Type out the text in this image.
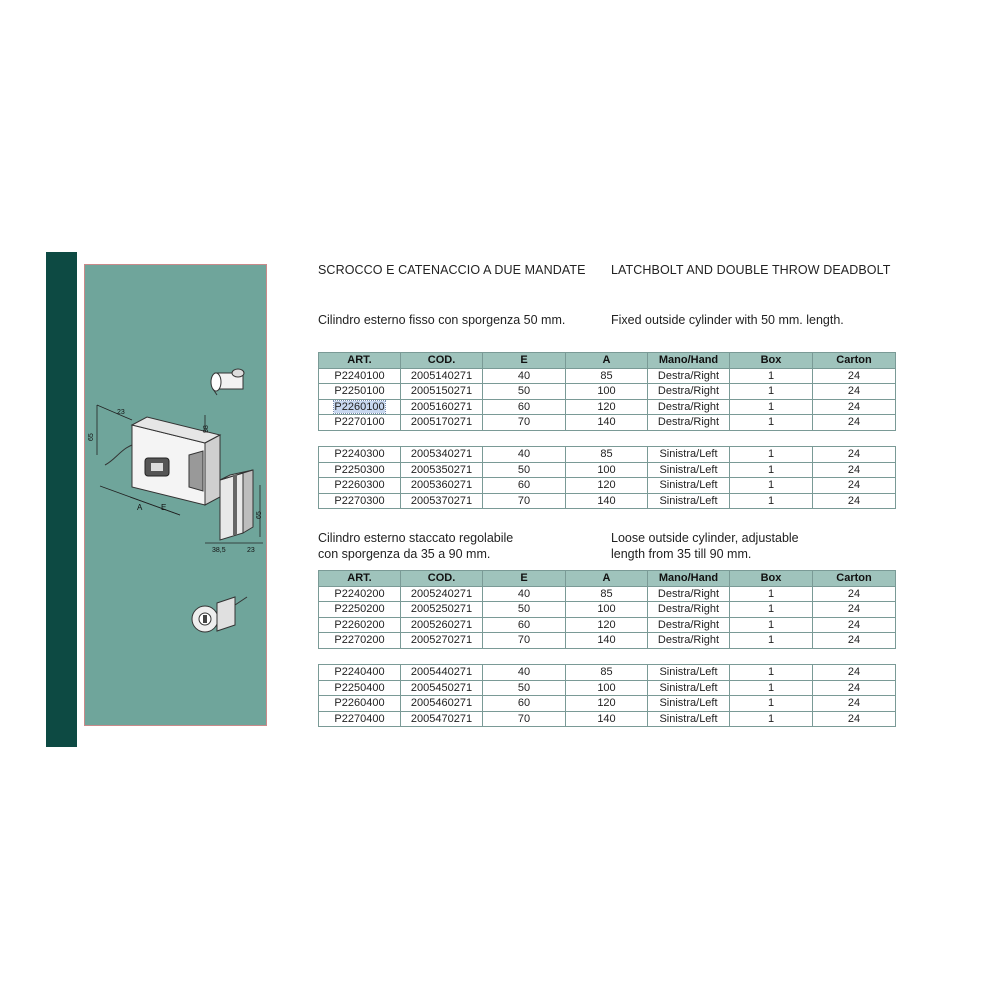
23
65
38
A E
65
38,5	23
SCROCCO E CATENACCIO A DUE MANDATE LATCHBOLT AND DOUBLE THROW DEADBOLT
Cilindro esterno fisso con sporgenza 50 mm.	Fixed outside cylinder with 50 mm. length.
ART.	COD.	E	A	Mano/Hand	Box	Carton
P2240100	2005140271	40	85	Destra/Right	1	24
P2250100	2005150271	50	100	Destra/Right	1	24
P2260100	2005160271	60	120	Destra/Right	1	24
P2270100	2005170271	70	140	Destra/Right	1	24
P2240300	2005340271	40	85	Sinistra/Left	1	24
P2250300	2005350271	50	100	Sinistra/Left	1	24
P2260300	2005360271	60	120	Sinistra/Left	1	24
P2270300	2005370271	70	140	Sinistra/Left	1	24
Cilindro esterno staccato regolabile
con sporgenza da 35 a 90 mm.
Loose outside cylinder, adjustable
length from 35 till 90 mm.
ART.	COD.	E	A	Mano/Hand	Box	Carton
P2240200	2005240271	40	85	Destra/Right	1	24
P2250200	2005250271	50	100	Destra/Right	1	24
P2260200	2005260271	60	120	Destra/Right	1	24
P2270200	2005270271	70	140	Destra/Right	1	24
P2240400	2005440271	40	85	Sinistra/Left	1	24
P2250400	2005450271	50	100	Sinistra/Left	1	24
P2260400	2005460271	60	120	Sinistra/Left	1	24
P2270400	2005470271	70	140	Sinistra/Left	1	24
